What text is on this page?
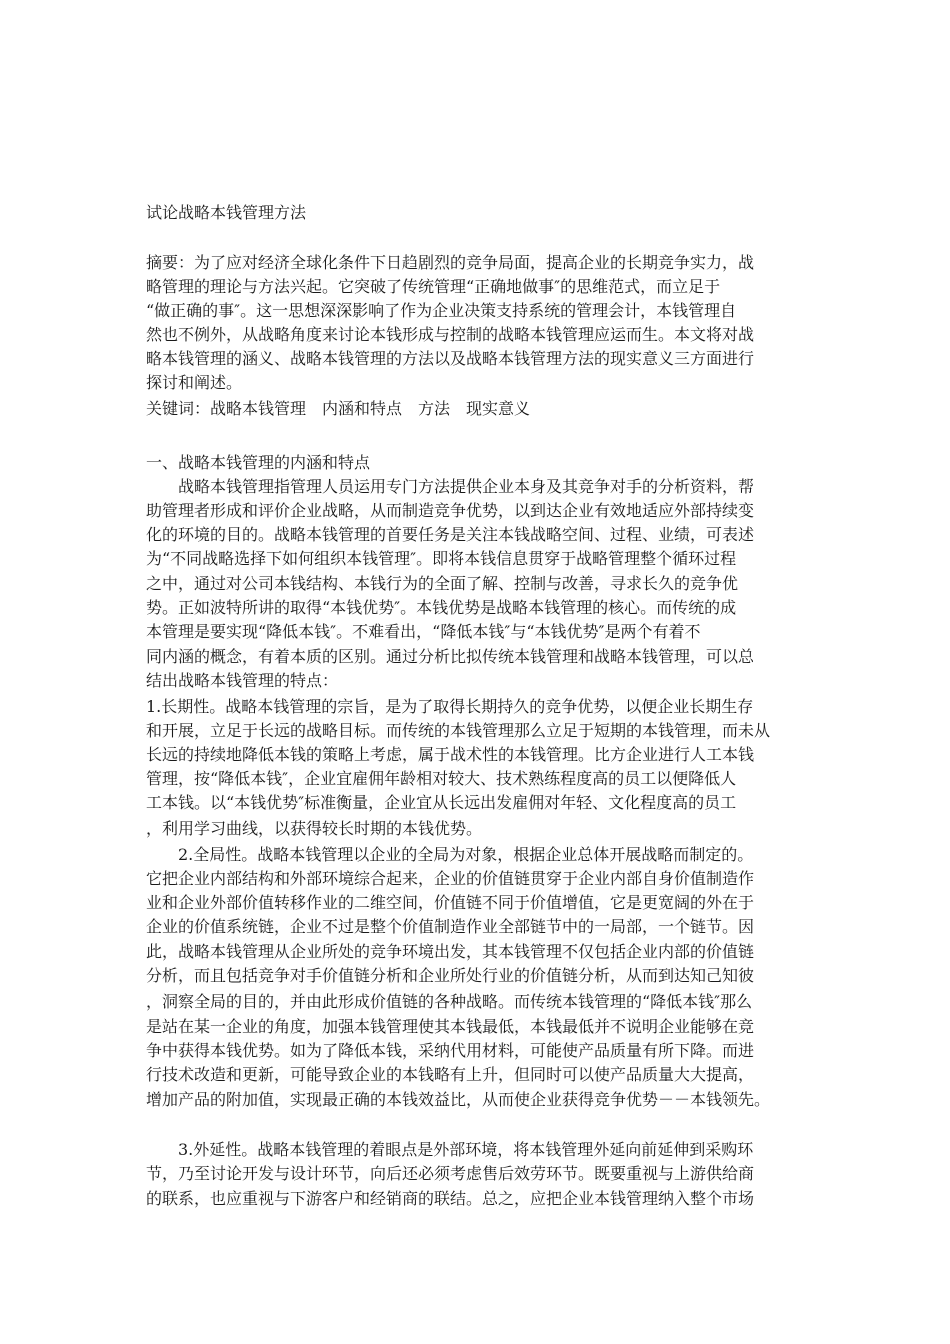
试论战略本钱管理方法

摘要：为了应对经济全球化条件下日趋剧烈的竞争局面，提高企业的长期竞争实力，战

略管理的理论与方法兴起。它突破了传统管理“正确地做事″的思维范式，而立足于

“做正确的事″。这一思想深深影响了作为企业决策支持系统的管理会计，本钱管理自

然也不例外，从战略角度来讨论本钱形成与控制的战略本钱管理应运而生。本文将对战

略本钱管理的涵义、战略本钱管理的方法以及战略本钱管理方法的现实意义三方面进行

探讨和阐述。

关键词：战略本钱管理　内涵和特点　方法　现实意义

一、战略本钱管理的内涵和特点

　　战略本钱管理指管理人员运用专门方法提供企业本身及其竞争对手的分析资料，帮

助管理者形成和评价企业战略，从而制造竞争优势，以到达企业有效地适应外部持续变

化的环境的目的。战略本钱管理的首要任务是关注本钱战略空间、过程、业绩，可表述

为“不同战略选择下如何组织本钱管理″。即将本钱信息贯穿于战略管理整个循环过程

之中，通过对公司本钱结构、本钱行为的全面了解、控制与改善，寻求长久的竞争优

势。正如波特所讲的取得“本钱优势″。本钱优势是战略本钱管理的核心。而传统的成

本管理是要实现“降低本钱″。不难看出，“降低本钱″与“本钱优势″是两个有着不

同内涵的概念，有着本质的区别。通过分析比拟传统本钱管理和战略本钱管理，可以总

结出战略本钱管理的特点：

1.长期性。战略本钱管理的宗旨，是为了取得长期持久的竞争优势，以便企业长期生存

和开展，立足于长远的战略目标。而传统的本钱管理那么立足于短期的本钱管理，而未从

长远的持续地降低本钱的策略上考虑，属于战术性的本钱管理。比方企业进行人工本钱

管理，按“降低本钱″，企业宜雇佣年龄相对较大、技术熟练程度高的员工以便降低人

工本钱。以“本钱优势″标准衡量，企业宜从长远出发雇佣对年轻、文化程度高的员工

，利用学习曲线，以获得较长时期的本钱优势。

　　2.全局性。战略本钱管理以企业的全局为对象，根据企业总体开展战略而制定的。

它把企业内部结构和外部环境综合起来，企业的价值链贯穿于企业内部自身价值制造作

业和企业外部价值转移作业的二维空间，价值链不同于价值增值，它是更宽阔的外在于

企业的价值系统链，企业不过是整个价值制造作业全部链节中的一局部，一个链节。因

此，战略本钱管理从企业所处的竞争环境出发，其本钱管理不仅包括企业内部的价值链

分析，而且包括竞争对手价值链分析和企业所处行业的价值链分析，从而到达知己知彼

，洞察全局的目的，并由此形成价值链的各种战略。而传统本钱管理的“降低本钱″那么

是站在某一企业的角度，加强本钱管理使其本钱最低，本钱最低并不说明企业能够在竞

争中获得本钱优势。如为了降低本钱，采纳代用材料，可能使产品质量有所下降。而进

行技术改造和更新，可能导致企业的本钱略有上升，但同时可以使产品质量大大提高，

增加产品的附加值，实现最正确的本钱效益比，从而使企业获得竞争优势－－本钱领先。

　　3.外延性。战略本钱管理的着眼点是外部环境，将本钱管理外延向前延伸到采购环

节，乃至讨论开发与设计环节，向后还必须考虑售后效劳环节。既要重视与上游供给商

的联系，也应重视与下游客户和经销商的联结。总之，应把企业本钱管理纳入整个市场
